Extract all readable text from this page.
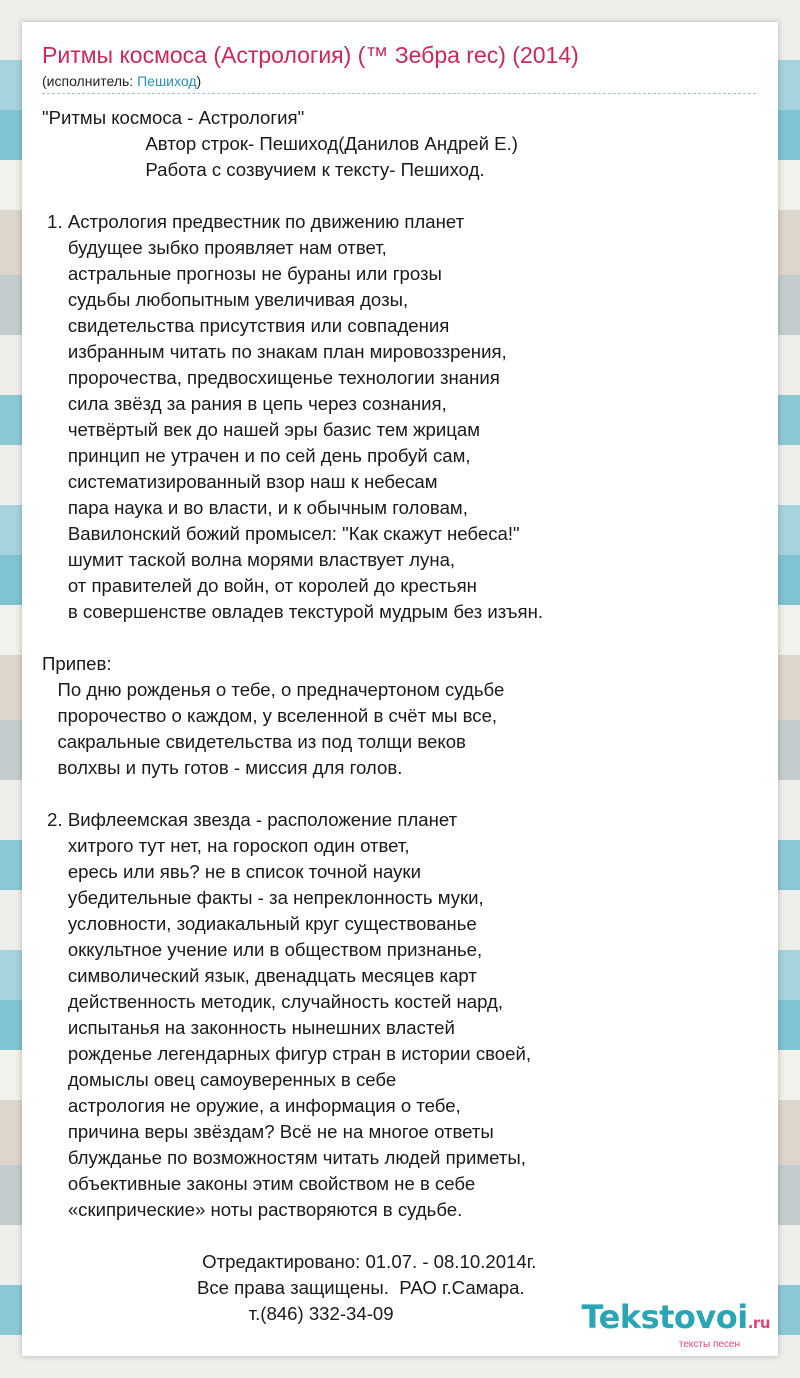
Ритмы космоса (Астрология) (™ Зебра rec) (2014)
(исполнитель: Пешиход)
"Ритмы космоса - Астрология"
Автор строк- Пешиход(Данилов Андрей Е.)
Работа с созвучием к тексту- Пешиход.
1. Астрология предвестник по движению планет
будущее зыбко проявляет нам ответ,
астральные прогнозы не бураны или грозы
судьбы любопытным увеличивая дозы,
свидетельства присутствия или совпадения
избранным читать по знакам план мировоззрения,
пророчества, предвосхищенье технологии знания
сила звёзд за рания в цепь через сознания,
четвёртый век до нашей эры базис тем жрицам
принцип не утрачен и по сей день пробуй сам,
систематизированный взор наш к небесам
пара наука и во власти, и к обычным головам,
Вавилонский божий промысел: "Как скажут небеса!"
шумит таской волна морями властвует луна,
от правителей до войн, от королей до крестьян
в совершенстве овладев текстурой мудрым без изъян.
Припев:
По дню рожденья о тебе, о предначертоном судьбе
пророчество о каждом, у вселенной в счёт мы все,
сакральные свидетельства из под толщи веков
волхвы и путь готов - миссия для голов.
2. Вифлеемская звезда - расположение планет
хитрого тут нет, на гороскоп один ответ,
ересь или явь? не в список точной науки
убедительные факты - за непреклонность муки,
условности, зодиакальный круг существованье
оккультное учение или в обществом признанье,
символический язык, двенадцать месяцев карт
действенность методик, случайность костей нард,
испытанья на законность нынешних властей
рожденье легендарных фигур стран в истории своей,
домыслы овец самоуверенных в себе
астрология не оружие, а информация о тебе,
причина веры звёздам? Всё не на многое ответы
блужданье по возможностям читать людей приметы,
объективные законы этим свойством не в себе
«скипрические» ноты растворяются в судьбе.
Отредактировано: 01.07. - 08.10.2014г.
Все права защищены.  РАО г.Самара.
т.(846) 332-34-09	Tekstovoi.ru
тексты песен
